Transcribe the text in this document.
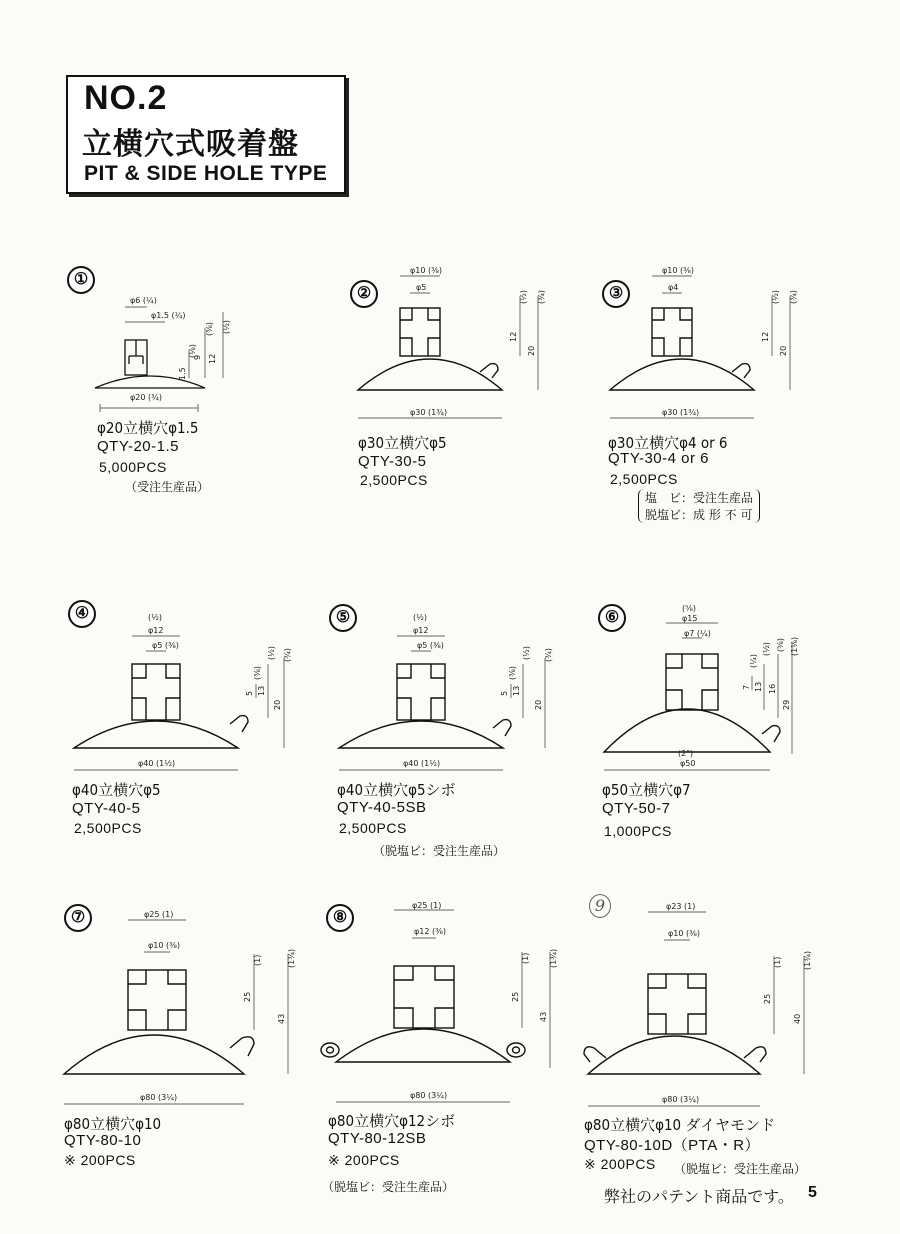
NO.2
立横穴式吸着盤
PIT & SIDE HOLE TYPE
①
φ20 (¾)
φ6 (¼)
φ1.5 (¼)
12
9
1.5
(½)
(⅜)
(⅛)
φ20立横穴φ1.5
QTY-20-1.5
5,000PCS
（受注生産品）
②
φ30 (1¾)
φ10 (⅜)
φ5
12
20
(½) (¾)
φ30立横穴φ5
QTY-30-5
2,500PCS
③
φ30 (1¾)
φ10 (⅜)
φ4
12
20
(½) (¾)
φ30立横穴φ4 or 6
QTY-30-4 or 6
2,500PCS
塩　ビ：受注生産品
脱塩ビ：成 形 不 可
④
φ40 (1½)
(½)
φ12
φ5 (⅜)
5 13
20
(⅜)
(½) (¾)
φ40立横穴φ5
QTY-40-5
2,500PCS
⑤
φ40 (1½)
(½)
φ12
φ5 (⅜)
5 13
20
(⅜)
(½) (¾)
φ40立横穴φ5シボ
QTY-40-5SB
2,500PCS
（脱塩ビ：受注生産品）
⑥
φ50
(2")
(⅝)
φ15
φ7 (¼)
7 13 16
29
(¼)
(½) (⅝) (1⅛)
φ50立横穴φ7
QTY-50-7
1,000PCS
⑦
φ80 (3¼)
φ25 (1)
φ10 (⅜)
25
43
(1)	(1¾)
φ80立横穴φ10
QTY-80-10
※ 200PCS
⑧
φ80 (3¼)
φ25 (1)
φ12 (⅜)
25
43
(1) (1¾)
φ80立横穴φ12シボ
QTY-80-12SB
※ 200PCS
（脱塩ビ：受注生産品）
9
φ80 (3¼)
φ23 (1)
φ10 (⅜)
25
40
(1)	(1¾)
φ80立横穴φ10 ダイヤモンド
QTY-80-10D（PTA・R）
※ 200PCS （脱塩ビ：受注生産品）
弊社のパテント商品です。 5
